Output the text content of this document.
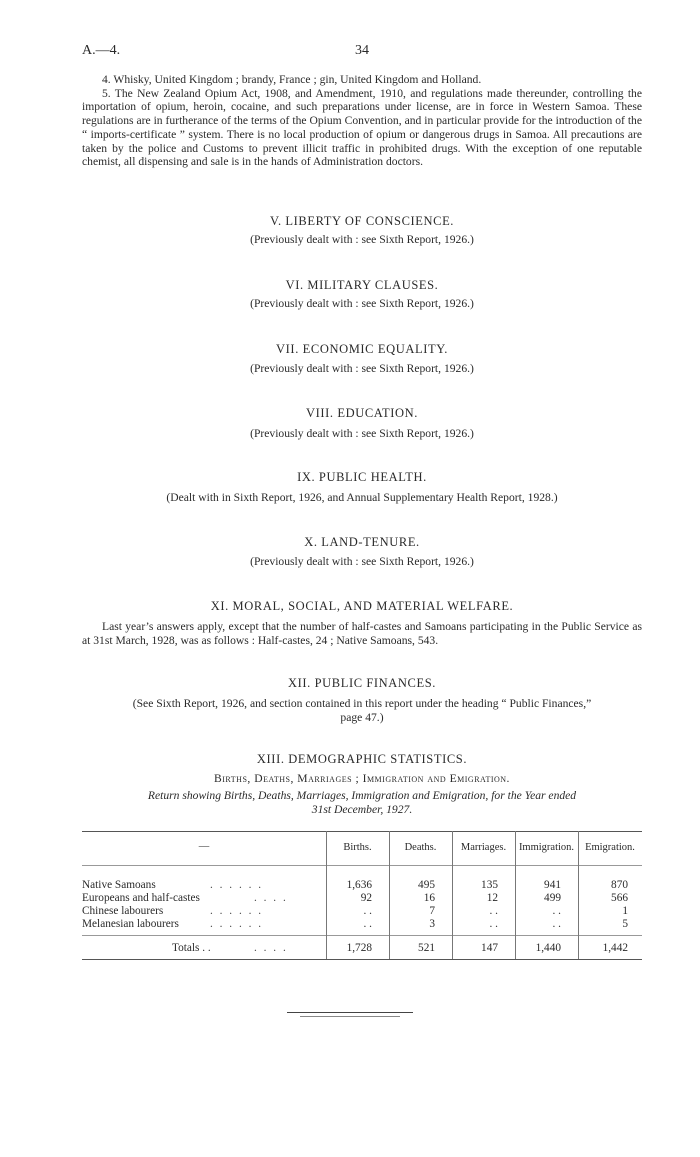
A.—4.	34

4. Whisky, United Kingdom ; brandy, France ; gin, United Kingdom and Holland.

5. The New Zealand Opium Act, 1908, and Amendment, 1910, and regulations made thereunder, controlling the importation of opium, heroin, cocaine, and such preparations under license, are in force in Western Samoa. These regulations are in furtherance of the terms of the Opium Convention, and in particular provide for the introduction of the “ imports-certificate ” system. There is no local production of opium or dangerous drugs in Samoa. All precautions are taken by the police and Customs to prevent illicit traffic in prohibited drugs. With the exception of one reputable chemist, all dispensing and sale is in the hands of Administration doctors.

V. LIBERTY OF CONSCIENCE.
(Previously dealt with : see Sixth Report, 1926.)
VI. MILITARY CLAUSES.
(Previously dealt with : see Sixth Report, 1926.)
VII. ECONOMIC EQUALITY.
(Previously dealt with : see Sixth Report, 1926.)
VIII. EDUCATION.
(Previously dealt with : see Sixth Report, 1926.)
IX. PUBLIC HEALTH.
(Dealt with in Sixth Report, 1926, and Annual Supplementary Health Report, 1928.)
X. LAND-TENURE.
(Previously dealt with : see Sixth Report, 1926.)
XI. MORAL, SOCIAL, AND MATERIAL WELFARE.

Last year’s answers apply, except that the number of half-castes and Samoans participating in the Public Service as at 31st March, 1928, was as follows : Half-castes, 24 ; Native Samoans, 543.

XII. PUBLIC FINANCES.
(See Sixth Report, 1926, and section contained in this report under the heading “ Public Finances,”
page 47.)
XIII. DEMOGRAPHIC STATISTICS.
Births, Deaths, Marriages ; Immigration and Emigration.
Return showing Births, Deaths, Marriages, Immigration and Emigration, for the Year ended
31st December, 1927.
—	Births.	Deaths.	Marriages.	Immigration.	Emigration.
Native Samoans	. . . . . .	1,636	495	135	941	870
Europeans and half-castes	. . . .	92	16	12	499	566
Chinese labourers	. . . . . .	. .	7	. .	. .	1
Melanesian labourers	. . . . . .	. .	3	. .	. .	5
Totals . .	. . . .	1,728	521	147	1,440	1,442
